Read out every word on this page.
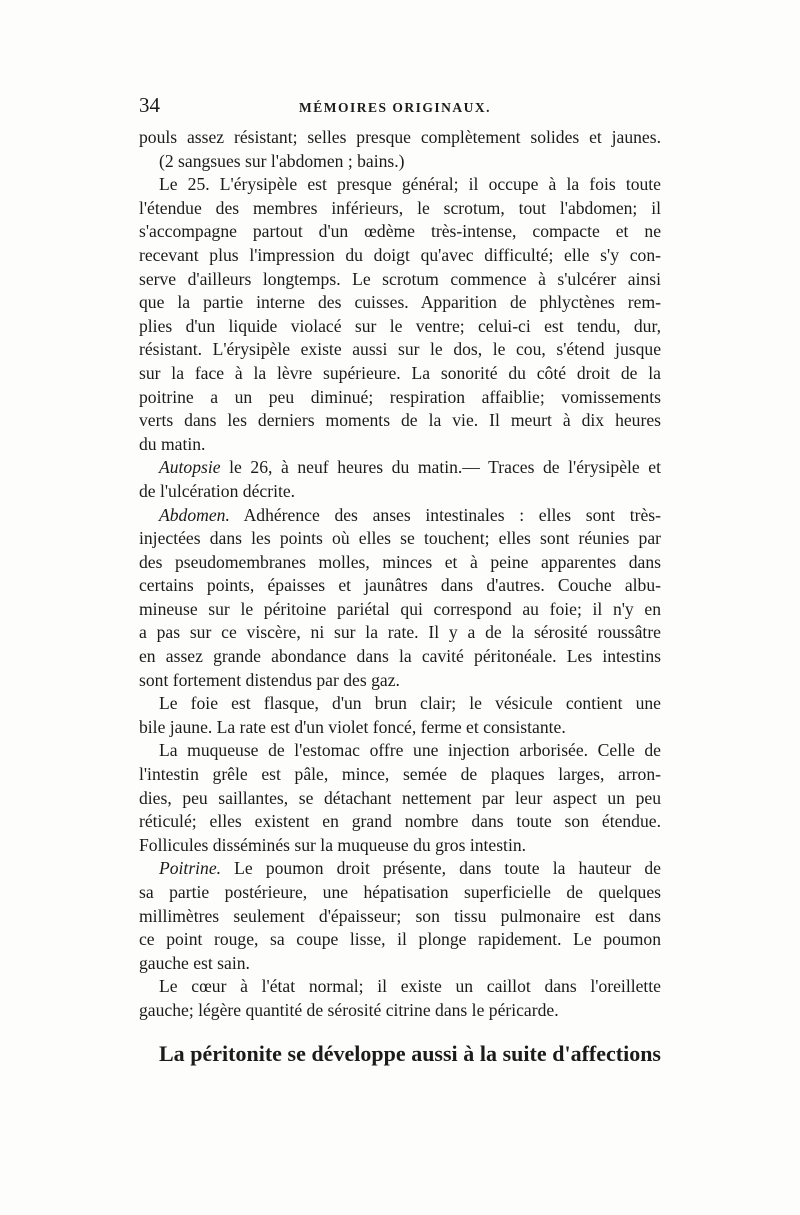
34	MÉMOIRES ORIGINAUX.

pouls assez résistant; selles presque complètement solides et jaunes.
(2 sangsues sur l'abdomen ; bains.)

Le 25. L'érysipèle est presque général; il occupe à la fois toute
l'étendue des membres inférieurs, le scrotum, tout l'abdomen; il
s'accompagne partout d'un œdème très-intense, compacte et ne
recevant plus l'impression du doigt qu'avec difficulté; elle s'y con-
serve d'ailleurs longtemps. Le scrotum commence à s'ulcérer ainsi
que la partie interne des cuisses. Apparition de phlyctènes rem-
plies d'un liquide violacé sur le ventre; celui-ci est tendu, dur,
résistant. L'érysipèle existe aussi sur le dos, le cou, s'étend jusque
sur la face à la lèvre supérieure. La sonorité du côté droit de la
poitrine a un peu diminué; respiration affaiblie; vomissements
verts dans les derniers moments de la vie. Il meurt à dix heures
du matin.

Autopsie le 26, à neuf heures du matin.— Traces de l'érysipèle et
de l'ulcération décrite.

Abdomen. Adhérence des anses intestinales : elles sont très-
injectées dans les points où elles se touchent; elles sont réunies par
des pseudomembranes molles, minces et à peine apparentes dans
certains points, épaisses et jaunâtres dans d'autres. Couche albu-
mineuse sur le péritoine pariétal qui correspond au foie; il n'y en
a pas sur ce viscère, ni sur la rate. Il y a de la sérosité roussâtre
en assez grande abondance dans la cavité péritonéale. Les intestins
sont fortement distendus par des gaz.

Le foie est flasque, d'un brun clair; le vésicule contient une
bile jaune. La rate est d'un violet foncé, ferme et consistante.

La muqueuse de l'estomac offre une injection arborisée. Celle de
l'intestin grêle est pâle, mince, semée de plaques larges, arron-
dies, peu saillantes, se détachant nettement par leur aspect un peu
réticulé; elles existent en grand nombre dans toute son étendue.
Follicules disséminés sur la muqueuse du gros intestin.

Poitrine. Le poumon droit présente, dans toute la hauteur de
sa partie postérieure, une hépatisation superficielle de quelques
millimètres seulement d'épaisseur; son tissu pulmonaire est dans
ce point rouge, sa coupe lisse, il plonge rapidement. Le poumon
gauche est sain.

Le cœur à l'état normal; il existe un caillot dans l'oreillette
gauche; légère quantité de sérosité citrine dans le péricarde.

La péritonite se développe aussi à la suite d'affections
